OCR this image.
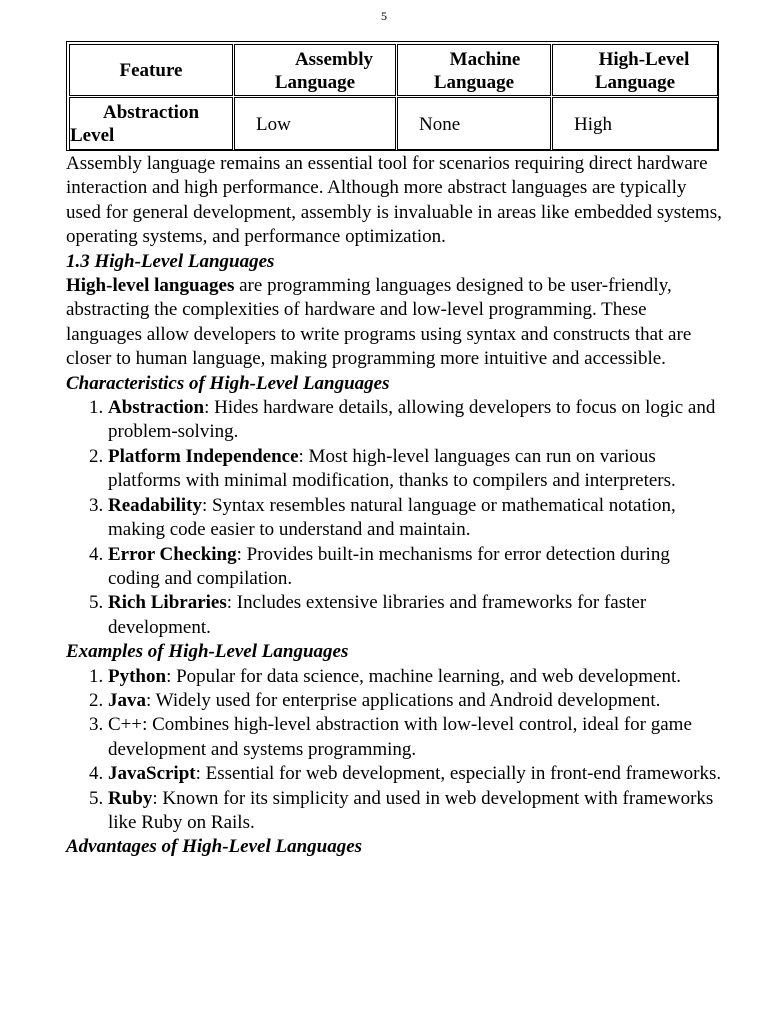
5
Feature
Assembly
Language
Machine
Language
High-Level
Language
Abstraction
Level
Low	None	High

Assembly language remains an essential tool for scenarios requiring direct hardware interaction and high performance. Although more abstract languages are typically used for general development, assembly is invaluable in areas like embedded systems, operating systems, and performance optimization.

1.3 High-Level Languages

High-level languages are programming languages designed to be user-friendly, abstracting the complexities of hardware and low-level programming. These languages allow developers to write programs using syntax and constructs that are closer to human language, making programming more intuitive and accessible.

Characteristics of High-Level Languages

1. Abstraction: Hides hardware details, allowing developers to focus on logic and problem-solving.
2. Platform Independence: Most high-level languages can run on various platforms with minimal modification, thanks to compilers and interpreters.
3. Readability: Syntax resembles natural language or mathematical notation, making code easier to understand and maintain.
4. Error Checking: Provides built-in mechanisms for error detection during coding and compilation.
5. Rich Libraries: Includes extensive libraries and frameworks for faster development.

Examples of High-Level Languages

1. Python: Popular for data science, machine learning, and web development.
2. Java: Widely used for enterprise applications and Android development.
3. C++: Combines high-level abstraction with low-level control, ideal for game development and systems programming.
4. JavaScript: Essential for web development, especially in front-end frameworks.
5. Ruby: Known for its simplicity and used in web development with frameworks like Ruby on Rails.

Advantages of High-Level Languages
